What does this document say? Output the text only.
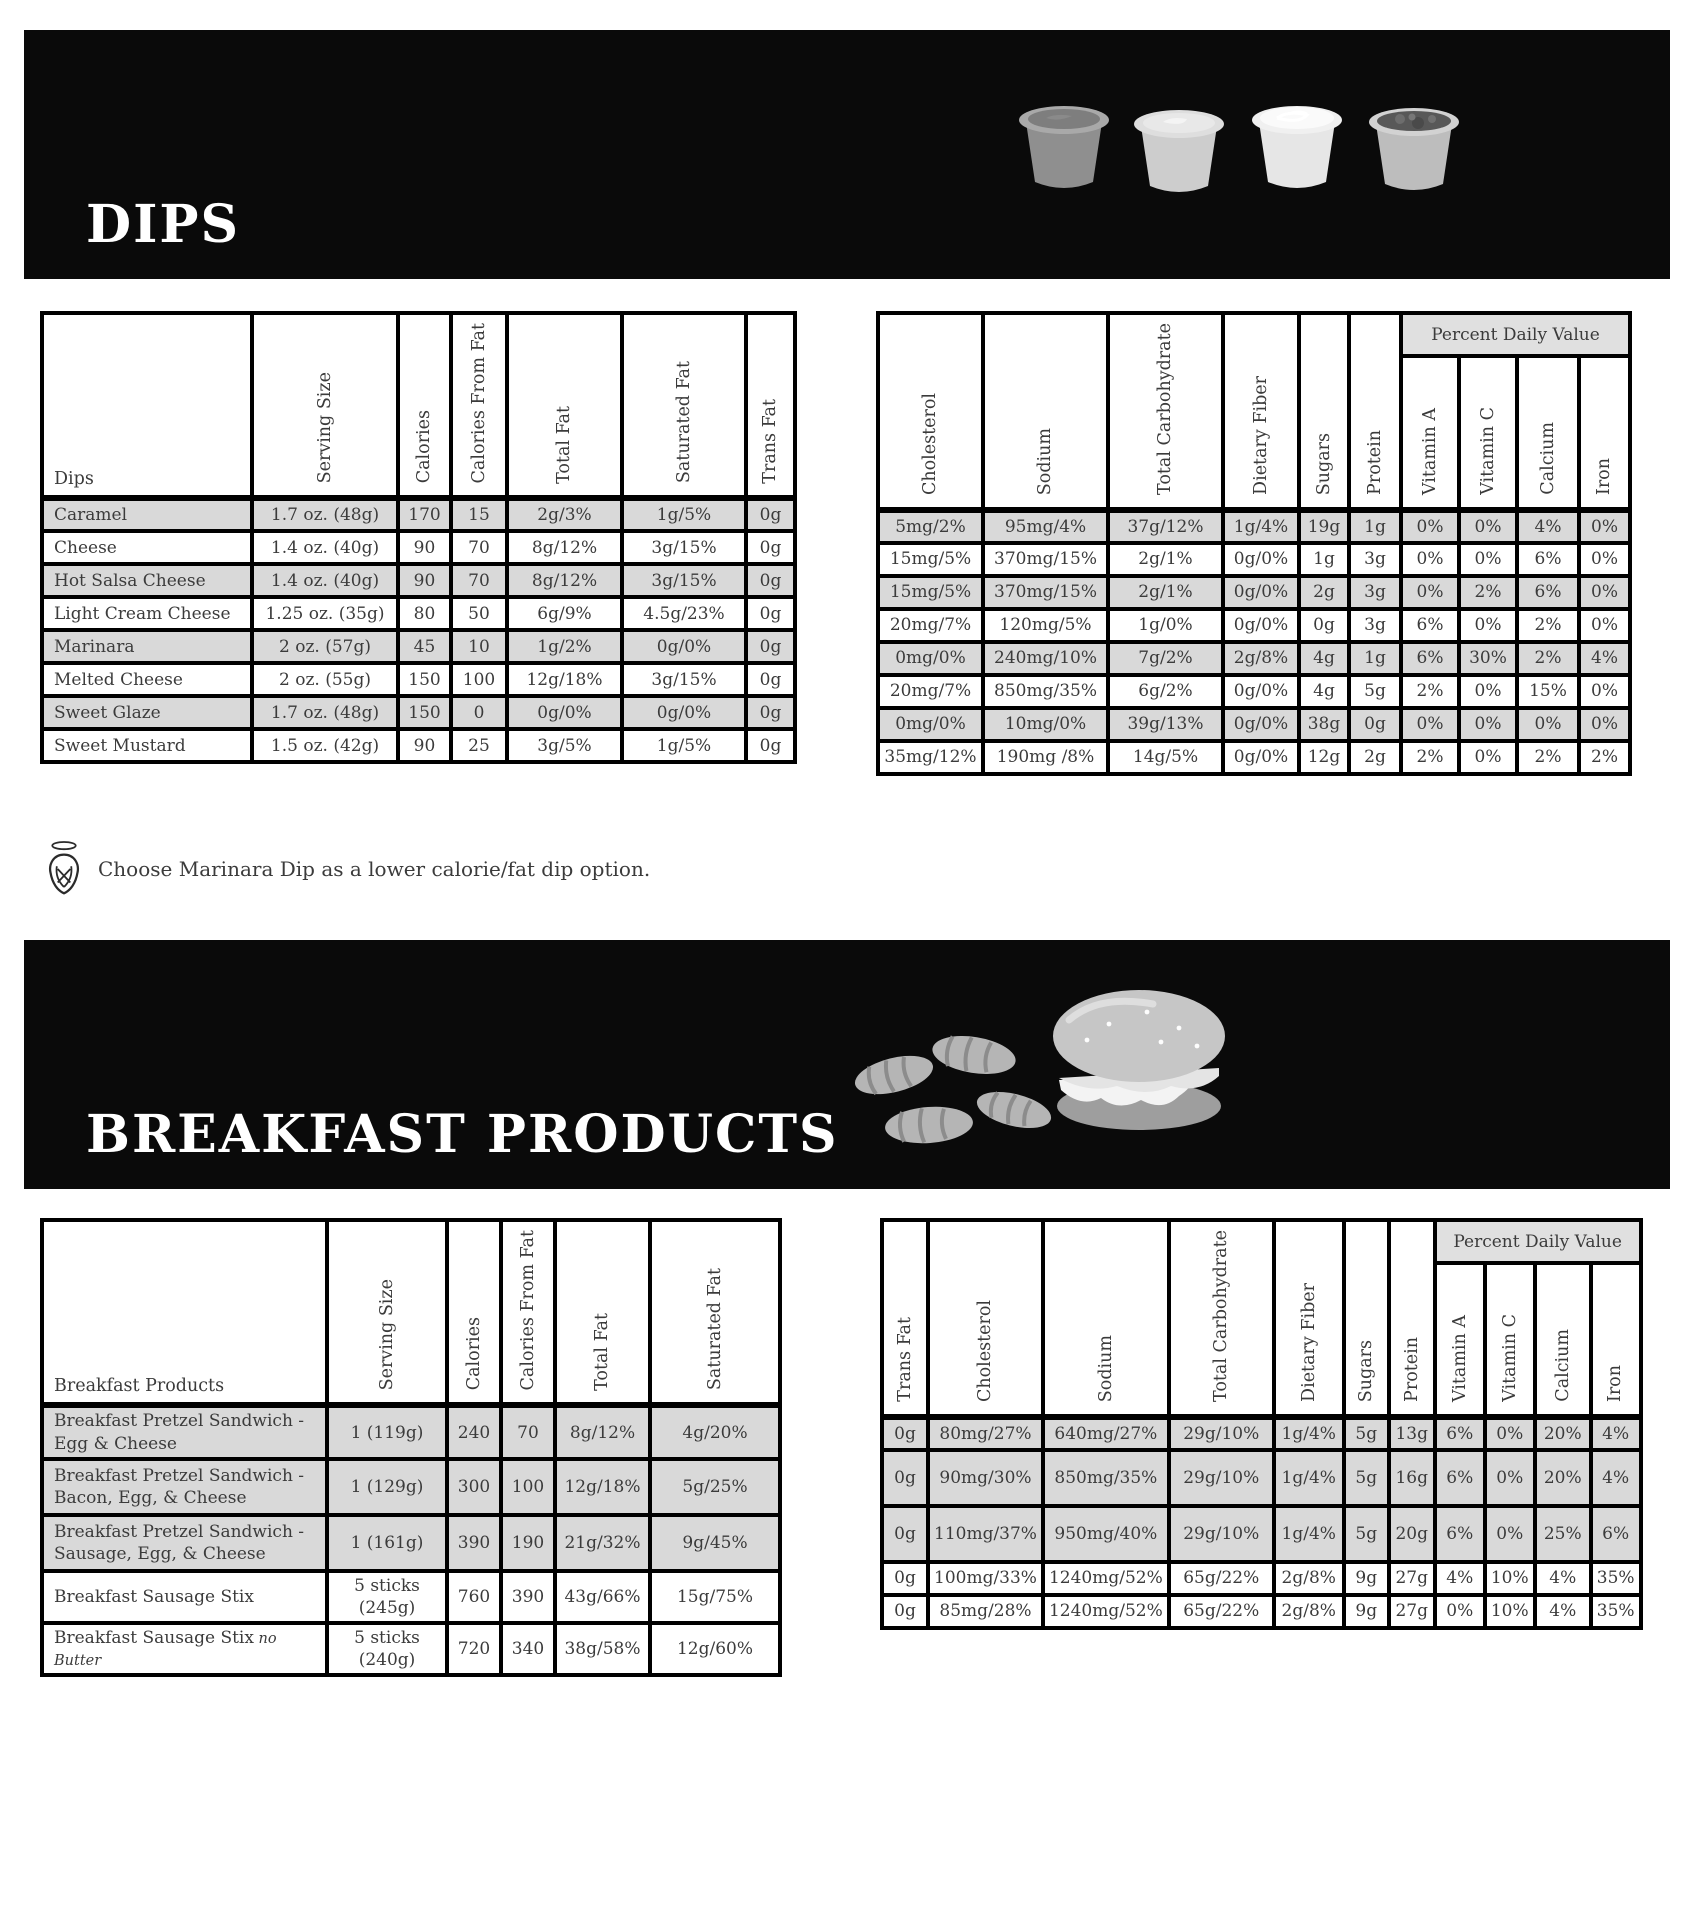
DIPS
Dips	Serving Size	Calories	Calories From Fat	Total Fat	Saturated Fat	Trans Fat
Caramel	1.7 oz. (48g)	170	15	2g/3%	1g/5%	0g
Cheese	1.4 oz. (40g)	90	70	8g/12%	3g/15%	0g
Hot Salsa Cheese	1.4 oz. (40g)	90	70	8g/12%	3g/15%	0g
Light Cream Cheese	1.25 oz. (35g)	80	50	6g/9%	4.5g/23%	0g
Marinara	2 oz. (57g)	45	10	1g/2%	0g/0%	0g
Melted Cheese	2 oz. (55g)	150	100	12g/18%	3g/15%	0g
Sweet Glaze	1.7 oz. (48g)	150	0	0g/0%	0g/0%	0g
Sweet Mustard	1.5 oz. (42g)	90	25	3g/5%	1g/5%	0g
Cholesterol	Sodium	Total Carbohydrate	Dietary Fiber	Sugars	Protein	Percent Daily Value			
						Vitamin A	Vitamin C	Calcium	Iron
5mg/2%	95mg/4%	37g/12%	1g/4%	19g	1g	0%	0%	4%	0%
15mg/5%	370mg/15%	2g/1%	0g/0%	1g	3g	0%	0%	6%	0%
15mg/5%	370mg/15%	2g/1%	0g/0%	2g	3g	0%	2%	6%	0%
20mg/7%	120mg/5%	1g/0%	0g/0%	0g	3g	6%	0%	2%	0%
0mg/0%	240mg/10%	7g/2%	2g/8%	4g	1g	6%	30%	2%	4%
20mg/7%	850mg/35%	6g/2%	0g/0%	4g	5g	2%	0%	15%	0%
0mg/0%	10mg/0%	39g/13%	0g/0%	38g	0g	0%	0%	0%	0%
35mg/12%	190mg /8%	14g/5%	0g/0%	12g	2g	2%	0%	2%	2%
Choose Marinara Dip as a lower calorie/fat dip option.
BREAKFAST PRODUCTS
Breakfast Products	Serving Size	Calories	Calories From Fat	Total Fat	Saturated Fat
Breakfast Pretzel Sandwich - Egg & Cheese	1 (119g)	240	70	8g/12%	4g/20%
Breakfast Pretzel Sandwich - Bacon, Egg, & Cheese	1 (129g)	300	100	12g/18%	5g/25%
Breakfast Pretzel Sandwich - Sausage, Egg, & Cheese	1 (161g)	390	190	21g/32%	9g/45%
Breakfast Sausage Stix	5 sticks (245g)	760	390	43g/66%	15g/75%
Breakfast Sausage Stix no Butter	5 sticks (240g)	720	340	38g/58%	12g/60%
Trans Fat	Cholesterol	Sodium	Total Carbohydrate	Dietary Fiber	Sugars	Protein	Percent Daily Value			
							Vitamin A	Vitamin C	Calcium	Iron
0g	80mg/27%	640mg/27%	29g/10%	1g/4%	5g	13g	6%	0%	20%	4%
0g	90mg/30%	850mg/35%	29g/10%	1g/4%	5g	16g	6%	0%	20%	4%
0g	110mg/37%	950mg/40%	29g/10%	1g/4%	5g	20g	6%	0%	25%	6%
0g	100mg/33%	1240mg/52%	65g/22%	2g/8%	9g	27g	4%	10%	4%	35%
0g	85mg/28%	1240mg/52%	65g/22%	2g/8%	9g	27g	0%	10%	4%	35%
